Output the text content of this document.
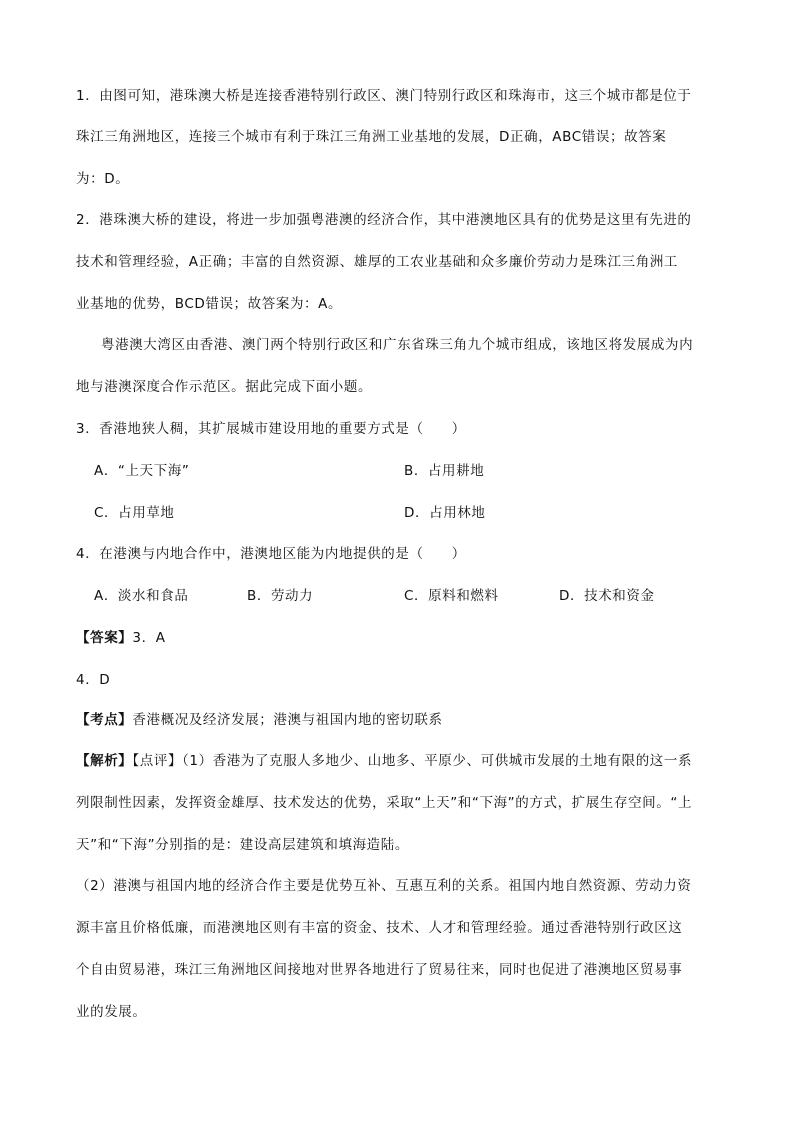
1．由图可知，港珠澳大桥是连接香港特别行政区、澳门特别行政区和珠海市，这三个城市都是位于
珠江三角洲地区，连接三个城市有利于珠江三角洲工业基地的发展，D正确，ABC错误；故答案
为：D。
2．港珠澳大桥的建设，将进一步加强粤港澳的经济合作，其中港澳地区具有的优势是这里有先进的
技术和管理经验，A正确；丰富的自然资源、雄厚的工农业基础和众多廉价劳动力是珠江三角洲工
业基地的优势，BCD错误；故答案为：A。
粤港澳大湾区由香港、澳门两个特别行政区和广东省珠三角九个城市组成，该地区将发展成为内
地与港澳深度合作示范区。据此完成下面小题。
3．香港地狭人稠，其扩展城市建设用地的重要方式是（　　）
A．“上天下海”	B．占用耕地
C．占用草地	D．占用林地
4．在港澳与内地合作中，港澳地区能为内地提供的是（　　）
A．淡水和食品	B．劳动力	C．原料和燃料	D．技术和资金
【答案】3．A
4．D
【考点】香港概况及经济发展；港澳与祖国内地的密切联系
【解析】【点评】（1）香港为了克服人多地少、山地多、平原少、可供城市发展的土地有限的这一系
列限制性因素，发挥资金雄厚、技术发达的优势，采取“上天”和“下海”的方式，扩展生存空间。“上
天”和“下海”分别指的是：建设高层建筑和填海造陆。
（2）港澳与祖国内地的经济合作主要是优势互补、互惠互利的关系。祖国内地自然资源、劳动力资
源丰富且价格低廉，而港澳地区则有丰富的资金、技术、人才和管理经验。通过香港特别行政区这
个自由贸易港，珠江三角洲地区间接地对世界各地进行了贸易往来，同时也促进了港澳地区贸易事
业的发展。
